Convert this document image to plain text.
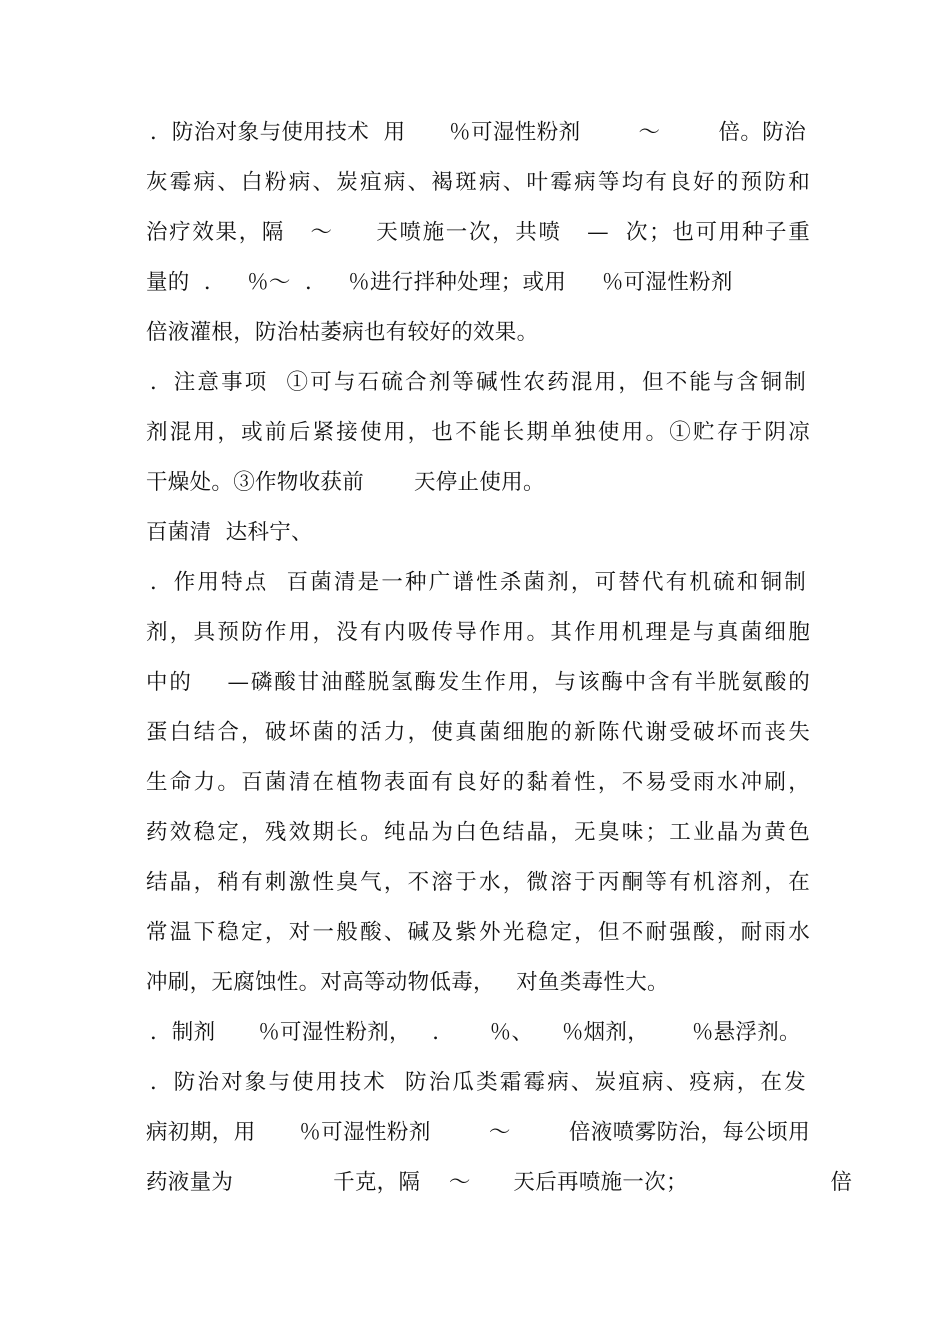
．防治对象与使用技术  用      ％可湿性粉剂        ～        倍。防治
灰霉病、白粉病、炭疽病、褐斑病、叶霉病等均有良好的预防和
治疗效果，隔   ～     天喷施一次，共喷   —  次；也可用种子重
量的  ．   ％～  ．   ％进行拌种处理；或用     ％可湿性粉剂
倍液灌根，防治枯萎病也有较好的效果。
．注意事项  ①可与石硫合剂等碱性农药混用，但不能与含铜制
剂混用，或前后紧接使用，也不能长期单独使用。①贮存于阴凉
干燥处。③作物收获前       天停止使用。
百菌清  达科宁、
．作用特点  百菌清是一种广谱性杀菌剂，可替代有机硫和铜制
剂，具预防作用，没有内吸传导作用。其作用机理是与真菌细胞
中的    —磷酸甘油醛脱氢酶发生作用，与该酶中含有半胱氨酸的
蛋白结合，破坏菌的活力，使真菌细胞的新陈代谢受破坏而丧失
生命力。百菌清在植物表面有良好的黏着性，不易受雨水冲刷，
药效稳定，残效期长。纯品为白色结晶，无臭味；工业晶为黄色
结晶，稍有刺激性臭气，不溶于水，微溶于丙酮等有机溶剂，在
常温下稳定，对一般酸、碱及紫外光稳定，但不耐强酸，耐雨水
冲刷，无腐蚀性。对高等动物低毒，   对鱼类毒性大。
．制剂      ％可湿性粉剂，   ．     ％、    ％烟剂，      ％悬浮剂。
．防治对象与使用技术  防治瓜类霜霉病、炭疽病、疫病，在发
病初期，用      ％可湿性粉剂        ～        倍液喷雾防治，每公顷用
药液量为              千克，隔    ～      天后再喷施一次；                    倍
